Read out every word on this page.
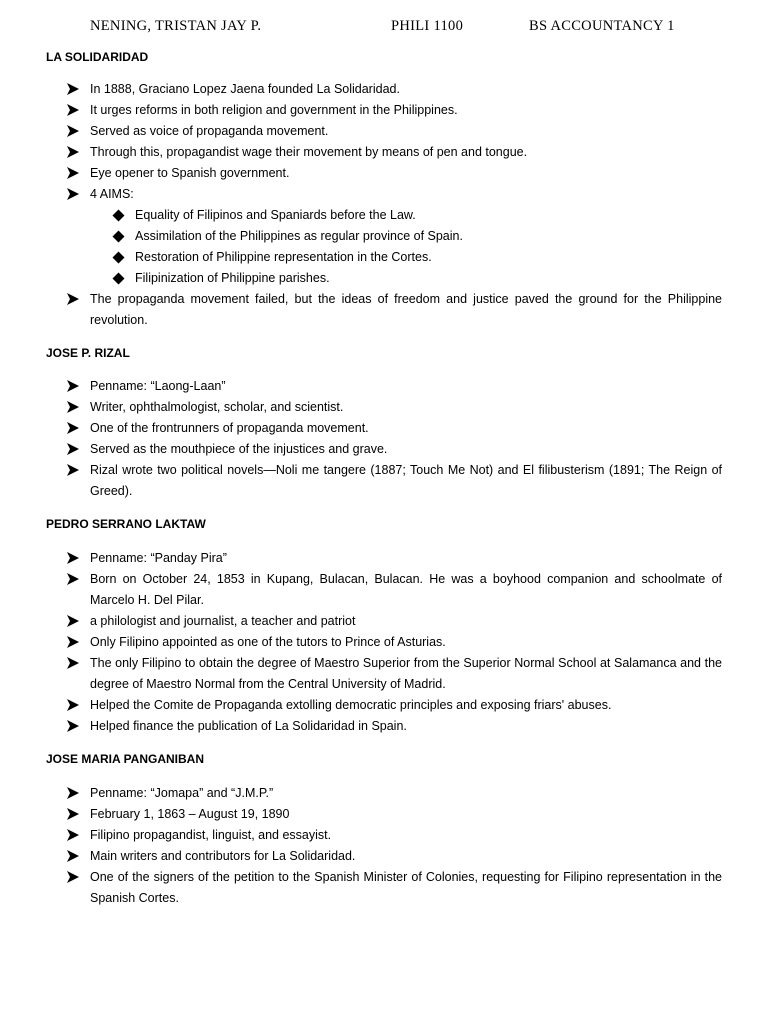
NENING, TRISTAN JAY P.	PHILI 1100	BS ACCOUNTANCY 1
LA SOLIDARIDAD
In 1888, Graciano Lopez Jaena founded La Solidaridad.
It urges reforms in both religion and government in the Philippines.
Served as voice of propaganda movement.
Through this, propagandist wage their movement by means of pen and tongue.
Eye opener to Spanish government.
4 AIMS:
Equality of Filipinos and Spaniards before the Law.
Assimilation of the Philippines as regular province of Spain.
Restoration of Philippine representation in the Cortes.
Filipinization of Philippine parishes.
The propaganda movement failed, but the ideas of freedom and justice paved the ground for the Philippine revolution.
JOSE P. RIZAL
Penname: “Laong-Laan”
Writer, ophthalmologist, scholar, and scientist.
One of the frontrunners of propaganda movement.
Served as the mouthpiece of the injustices and grave.
Rizal wrote two political novels—Noli me tangere (1887; Touch Me Not) and El filibusterism (1891; The Reign of Greed).
PEDRO SERRANO LAKTAW
Penname: “Panday Pira”
Born on October 24, 1853 in Kupang, Bulacan, Bulacan. He was a boyhood companion and schoolmate of Marcelo H. Del Pilar.
a philologist and journalist, a teacher and patriot
Only Filipino appointed as one of the tutors to Prince of Asturias.
The only Filipino to obtain the degree of Maestro Superior from the Superior Normal School at Salamanca and the degree of Maestro Normal from the Central University of Madrid.
Helped the Comite de Propaganda extolling democratic principles and exposing friars' abuses.
Helped finance the publication of La Solidaridad in Spain.
JOSE MARIA PANGANIBAN
Penname: “Jomapa” and “J.M.P.”
February 1, 1863 – August 19, 1890
Filipino propagandist, linguist, and essayist.
Main writers and contributors for La Solidaridad.
One of the signers of the petition to the Spanish Minister of Colonies, requesting for Filipino representation in the Spanish Cortes.
